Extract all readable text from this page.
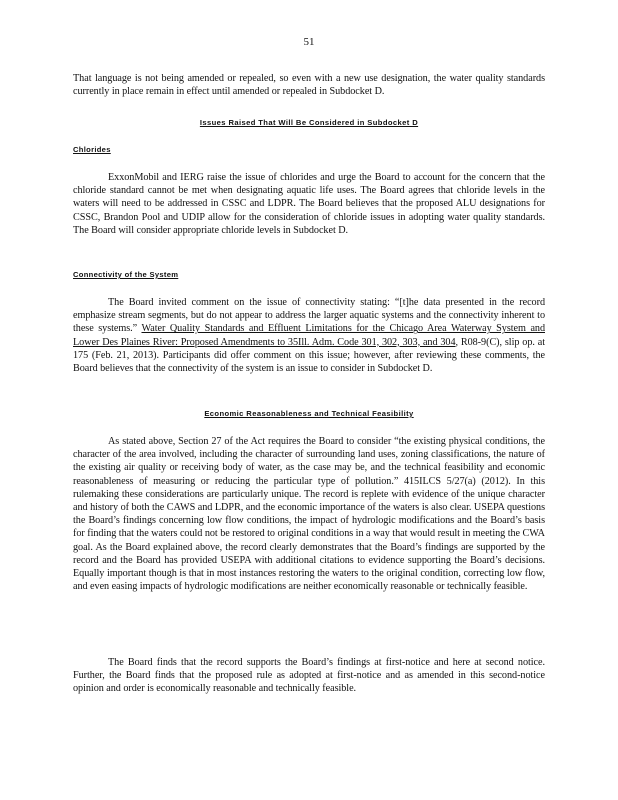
51
That language is not being amended or repealed, so even with a new use designation, the water quality standards currently in place remain in effect until amended or repealed in Subdocket D.
Issues Raised That Will Be Considered in Subdocket D
Chlorides
ExxonMobil and IERG raise the issue of chlorides and urge the Board to account for the concern that the chloride standard cannot be met when designating aquatic life uses. The Board agrees that chloride levels in the waters will need to be addressed in CSSC and LDPR. The Board believes that the proposed ALU designations for CSSC, Brandon Pool and UDIP allow for the consideration of chloride issues in adopting water quality standards. The Board will consider appropriate chloride levels in Subdocket D.
Connectivity of the System
The Board invited comment on the issue of connectivity stating: “[t]he data presented in the record emphasize stream segments, but do not appear to address the larger aquatic systems and the connectivity inherent to these systems.” Water Quality Standards and Effluent Limitations for the Chicago Area Waterway System and Lower Des Plaines River: Proposed Amendments to 35Ill. Adm. Code 301, 302, 303, and 304, R08-9(C), slip op. at 175 (Feb. 21, 2013). Participants did offer comment on this issue; however, after reviewing these comments, the Board believes that the connectivity of the system is an issue to consider in Subdocket D.
Economic Reasonableness and Technical Feasibility
As stated above, Section 27 of the Act requires the Board to consider “the existing physical conditions, the character of the area involved, including the character of surrounding land uses, zoning classifications, the nature of the existing air quality or receiving body of water, as the case may be, and the technical feasibility and economic reasonableness of measuring or reducing the particular type of pollution.” 415ILCS 5/27(a) (2012). In this rulemaking these considerations are particularly unique. The record is replete with evidence of the unique character and history of both the CAWS and LDPR, and the economic importance of the waters is also clear. USEPA questions the Board’s findings concerning low flow conditions, the impact of hydrologic modifications and the Board’s basis for finding that the waters could not be restored to original conditions in a way that would result in meeting the CWA goal. As the Board explained above, the record clearly demonstrates that the Board’s findings are supported by the record and the Board has provided USEPA with additional citations to evidence supporting the Board’s decisions. Equally important though is that in most instances restoring the waters to the original condition, correcting low flow, and even easing impacts of hydrologic modifications are neither economically reasonable or technically feasible.
The Board finds that the record supports the Board’s findings at first-notice and here at second notice. Further, the Board finds that the proposed rule as adopted at first-notice and as amended in this second-notice opinion and order is economically reasonable and technically feasible.
